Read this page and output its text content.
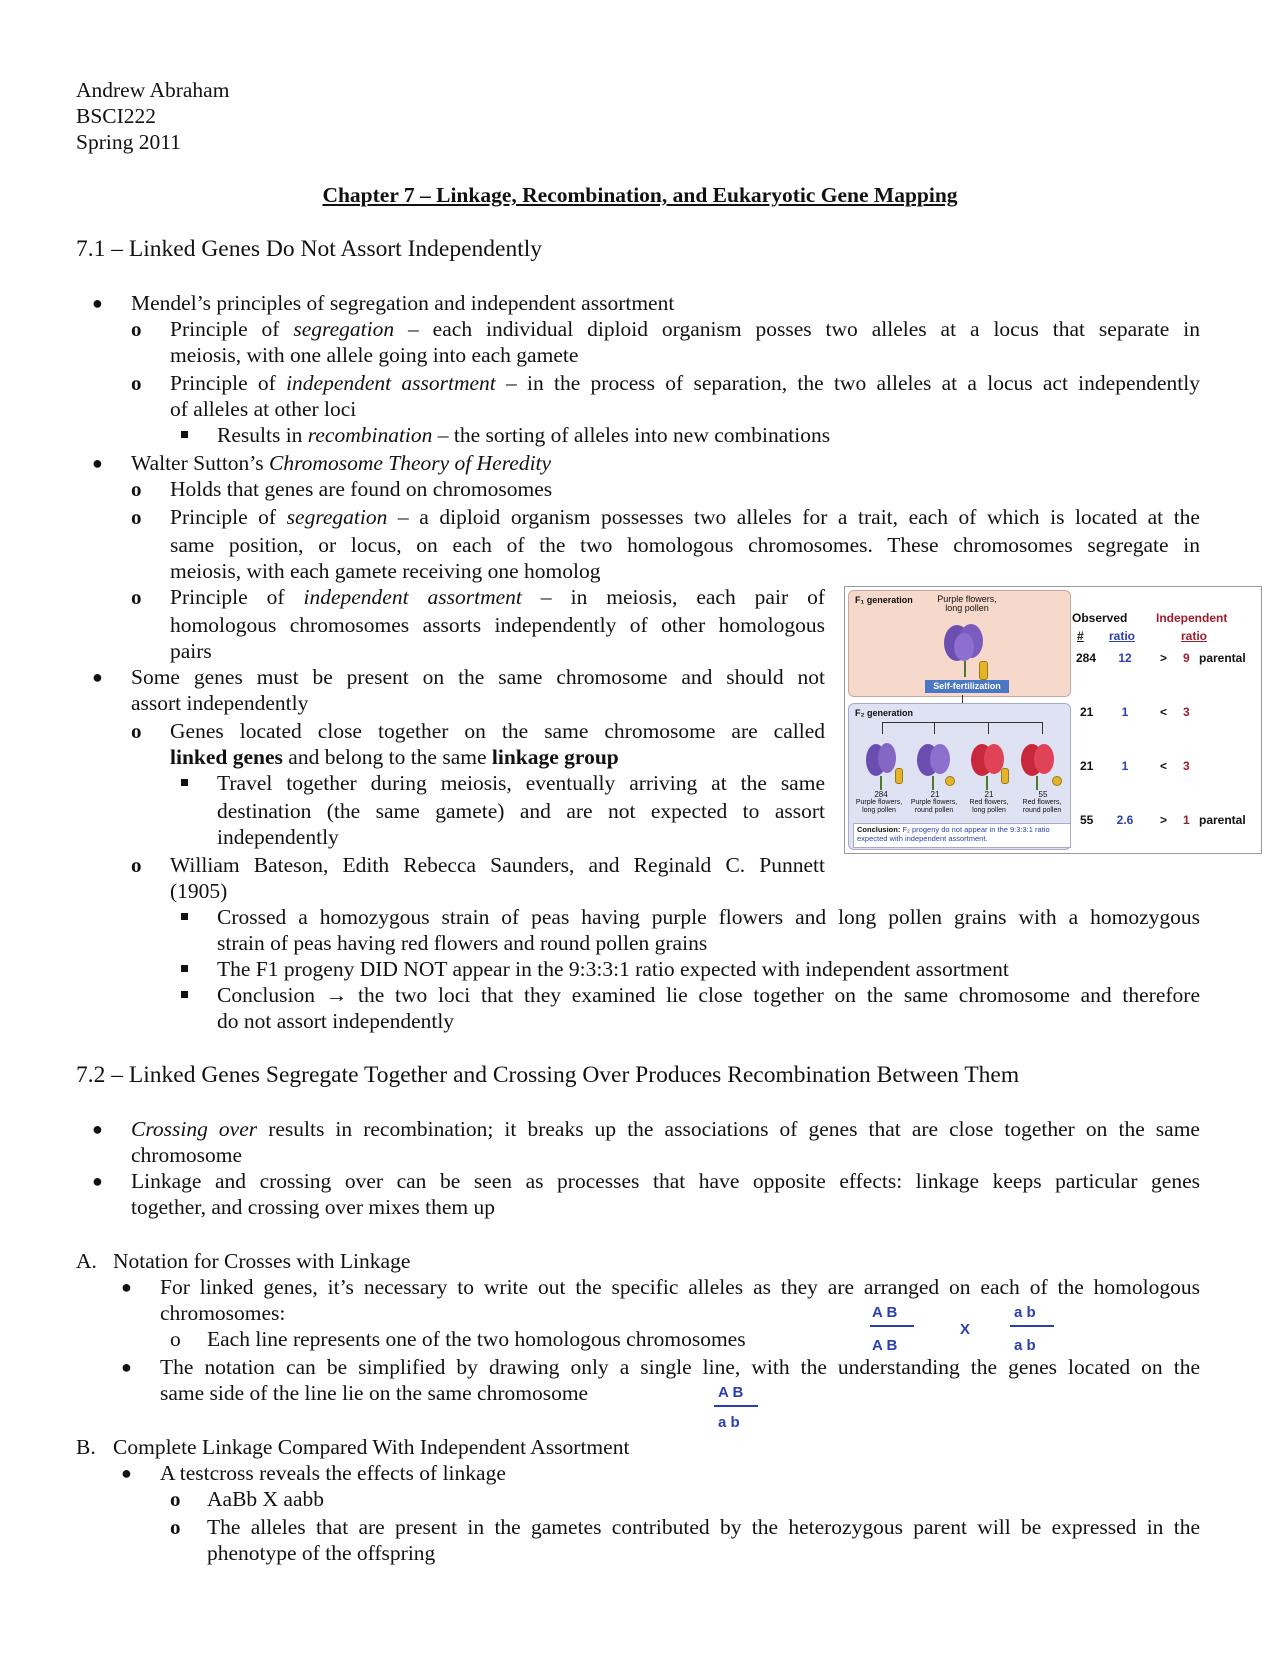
Andrew Abraham
BSCI222
Spring 2011
Chapter 7 – Linkage, Recombination, and Eukaryotic Gene Mapping
7.1 – Linked Genes Do Not Assort Independently
● Mendel’s principles of segregation and independent assortment
o Principle of segregation – each individual diploid organism posses two alleles at a locus that separate in
meiosis, with one allele going into each gamete
o Principle of independent assortment – in the process of separation, the two alleles at a locus act independently
of alleles at other loci
Results in recombination – the sorting of alleles into new combinations
● Walter Sutton’s Chromosome Theory of Heredity
o Holds that genes are found on chromosomes
o Principle of segregation – a diploid organism possesses two alleles for a trait, each of which is located at the
same position, or locus, on each of the two homologous chromosomes. These chromosomes segregate in
meiosis, with each gamete receiving one homolog
o Principle of independent assortment – in meiosis, each pair of
homologous chromosomes assorts independently of other homologous
pairs
● Some genes must be present on the same chromosome and should not
assort independently
o Genes located close together on the same chromosome are called
linked genes and belong to the same linkage group
Travel together during meiosis, eventually arriving at the same
destination (the same gamete) and are not expected to assort
independently
o William Bateson, Edith Rebecca Saunders, and Reginald C. Punnett
(1905)
Crossed a homozygous strain of peas having purple flowers and long pollen grains with a homozygous
strain of peas having red flowers and round pollen grains
The F1 progeny DID NOT appear in the 9:3:3:1 ratio expected with independent assortment
Conclusion → the two loci that they examined lie close together on the same chromosome and therefore
do not assort independently
7.2 – Linked Genes Segregate Together and Crossing Over Produces Recombination Between Them
● Crossing over results in recombination; it breaks up the associations of genes that are close together on the same
chromosome
● Linkage and crossing over can be seen as processes that have opposite effects: linkage keeps particular genes
together, and crossing over mixes them up
A. Notation for Crosses with Linkage
● For linked genes, it’s necessary to write out the specific alleles as they are arranged on each of the homologous
chromosomes:
o Each line represents one of the two homologous chromosomes
● The notation can be simplified by drawing only a single line, with the understanding the genes located on the
same side of the line lie on the same chromosome
A B
A B
X
a b
a b
A B
a b
B. Complete Linkage Compared With Independent Assortment
● A testcross reveals the effects of linkage
o AaBb X aabb
o The alleles that are present in the gametes contributed by the heterozygous parent will be expressed in the
phenotype of the offspring
F₁ generation	Purple flowers, long pollen
Self-fertilization
F₂ generation
284	21	21	55
Purple flowers, long pollen
Purple flowers, round pollen
Red flowers, long pollen
Red flowers, round pollen
Conclusion: F₂ progeny do not appear in the 9:3:3:1 ratio expected with independent assortment.
Observed Independent
# ratio	ratio
284	12	> 9 parental
21	1	< 3
21	1	< 3
55	2.6	> 1 parental
